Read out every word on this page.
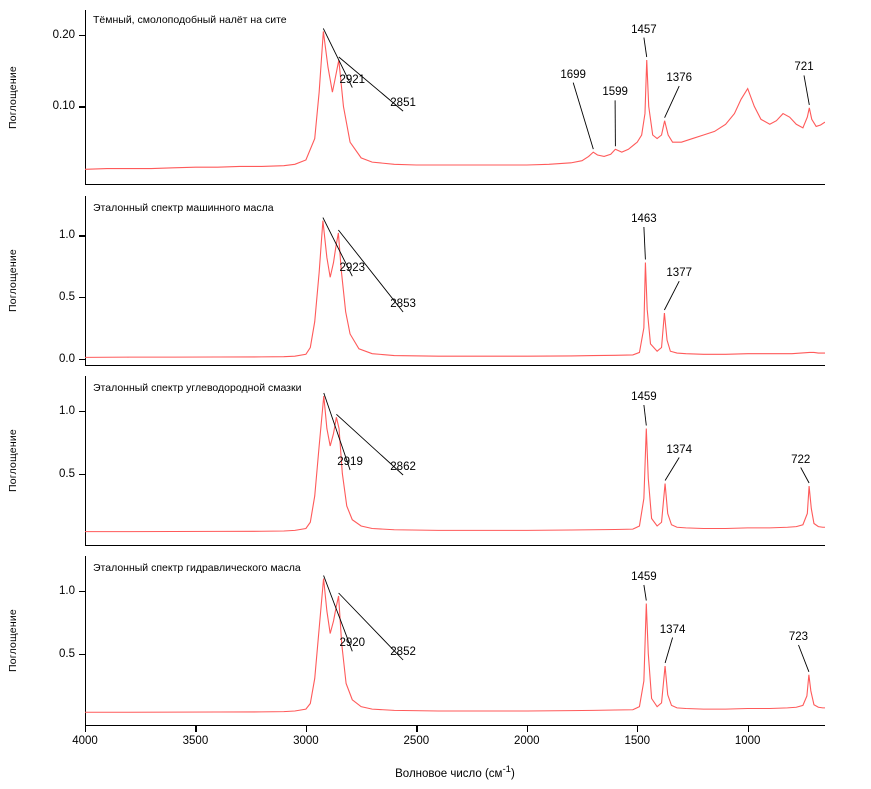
Поглощение
0.20
0.10
Тёмный, смолоподобный налёт на сите
2921
2851
1699
1599
1457
1376
721
Поглощение
1.0
0.5
0.0
Эталонный спектр машинного масла
2923
2853
1463
1377
Поглощение
1.0
0.5
Эталонный спектр углеводородной смазки
2919 2862
1459
1374
722
Поглощение
1.0
0.5
Эталонный спектр гидравлического масла
2920
2852
1459
1374
723
4000	3500	3000	2500	2000	1500	1000
Волновое число $(см^{-1})$
